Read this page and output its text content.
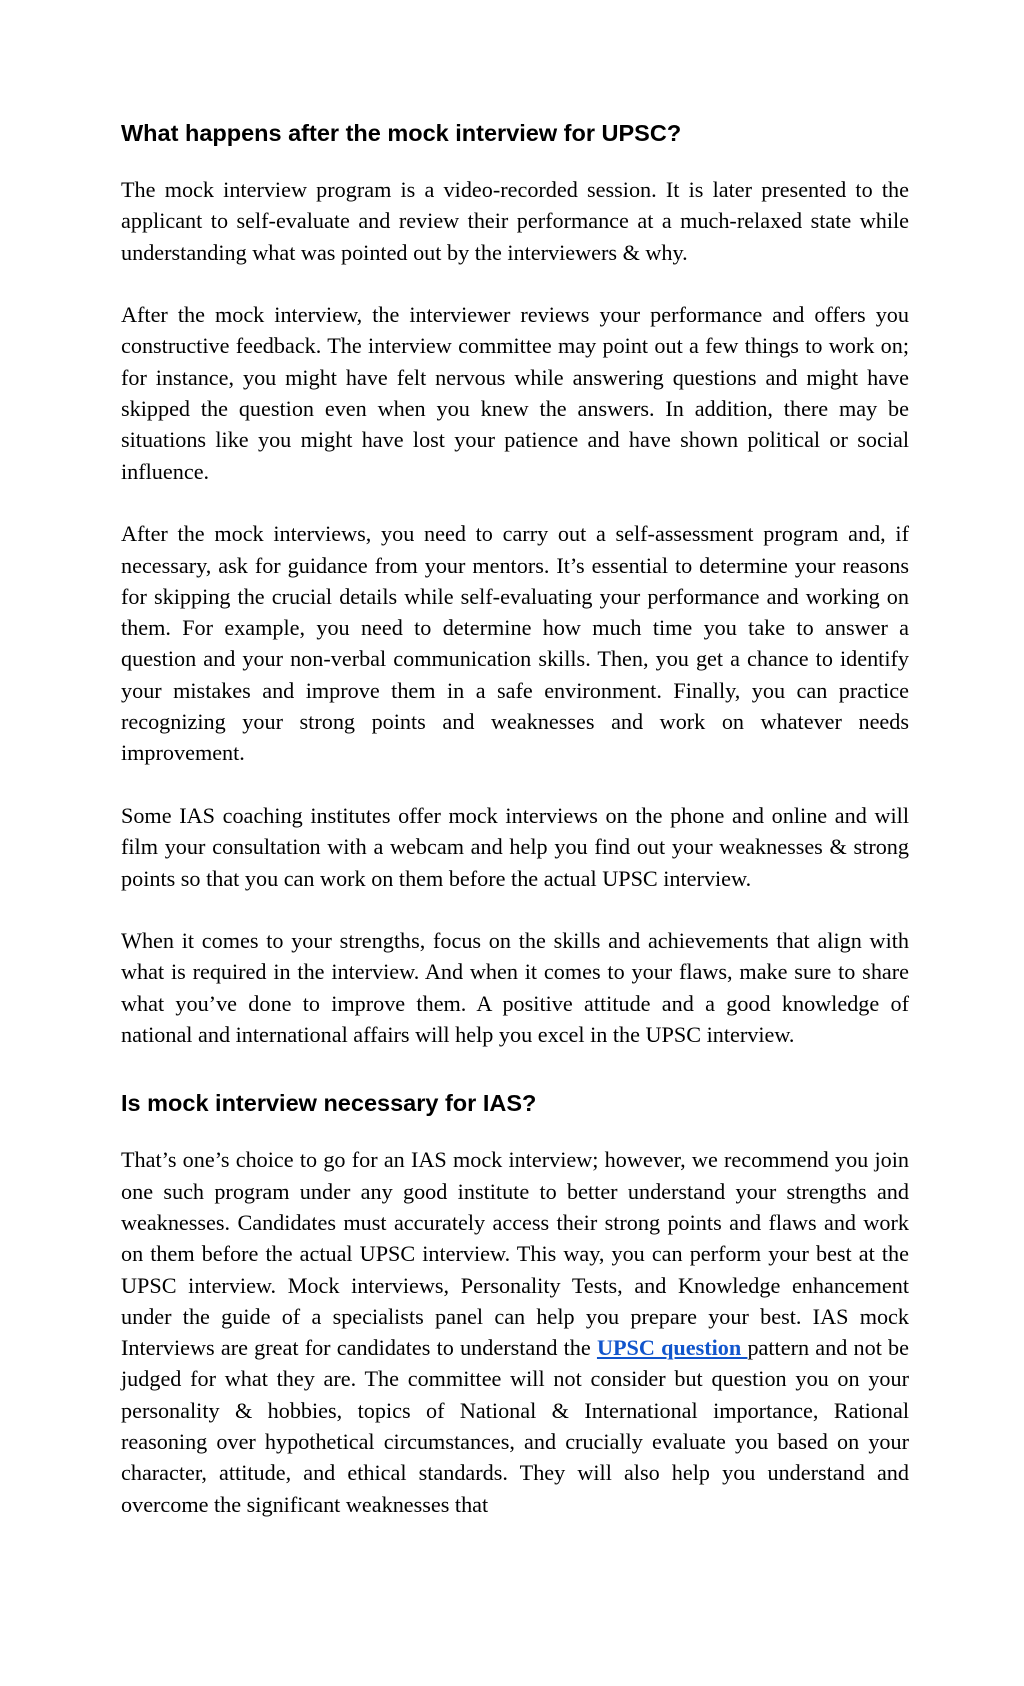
What happens after the mock interview for UPSC?

The mock interview program is a video-recorded session. It is later presented to the applicant to self-evaluate and review their performance at a much-relaxed state while understanding what was pointed out by the interviewers & why.

After the mock interview, the interviewer reviews your performance and offers you constructive feedback. The interview committee may point out a few things to work on; for instance, you might have felt nervous while answering questions and might have skipped the question even when you knew the answers. In addition, there may be situations like you might have lost your patience and have shown political or social influence.

After the mock interviews, you need to carry out a self-assessment program and, if necessary, ask for guidance from your mentors. It’s essential to determine your reasons for skipping the crucial details while self-evaluating your performance and working on them. For example, you need to determine how much time you take to answer a question and your non-verbal communication skills. Then, you get a chance to identify your mistakes and improve them in a safe environment. Finally, you can practice recognizing your strong points and weaknesses and work on whatever needs improvement.

Some IAS coaching institutes offer mock interviews on the phone and online and will film your consultation with a webcam and help you find out your weaknesses & strong points so that you can work on them before the actual UPSC interview.

When it comes to your strengths, focus on the skills and achievements that align with what is required in the interview. And when it comes to your flaws, make sure to share what you’ve done to improve them. A positive attitude and a good knowledge of national and international affairs will help you excel in the UPSC interview.

Is mock interview necessary for IAS?

That’s one’s choice to go for an IAS mock interview; however, we recommend you join one such program under any good institute to better understand your strengths and weaknesses. Candidates must accurately access their strong points and flaws and work on them before the actual UPSC interview. This way, you can perform your best at the UPSC interview. Mock interviews, Personality Tests, and Knowledge enhancement under the guide of a specialists panel can help you prepare your best. IAS mock Interviews are great for candidates to understand the UPSC question pattern and not be judged for what they are. The committee will not consider but question you on your personality & hobbies, topics of National & International importance, Rational reasoning over hypothetical circumstances, and crucially evaluate you based on your character, attitude, and ethical standards. They will also help you understand and overcome the significant weaknesses that
